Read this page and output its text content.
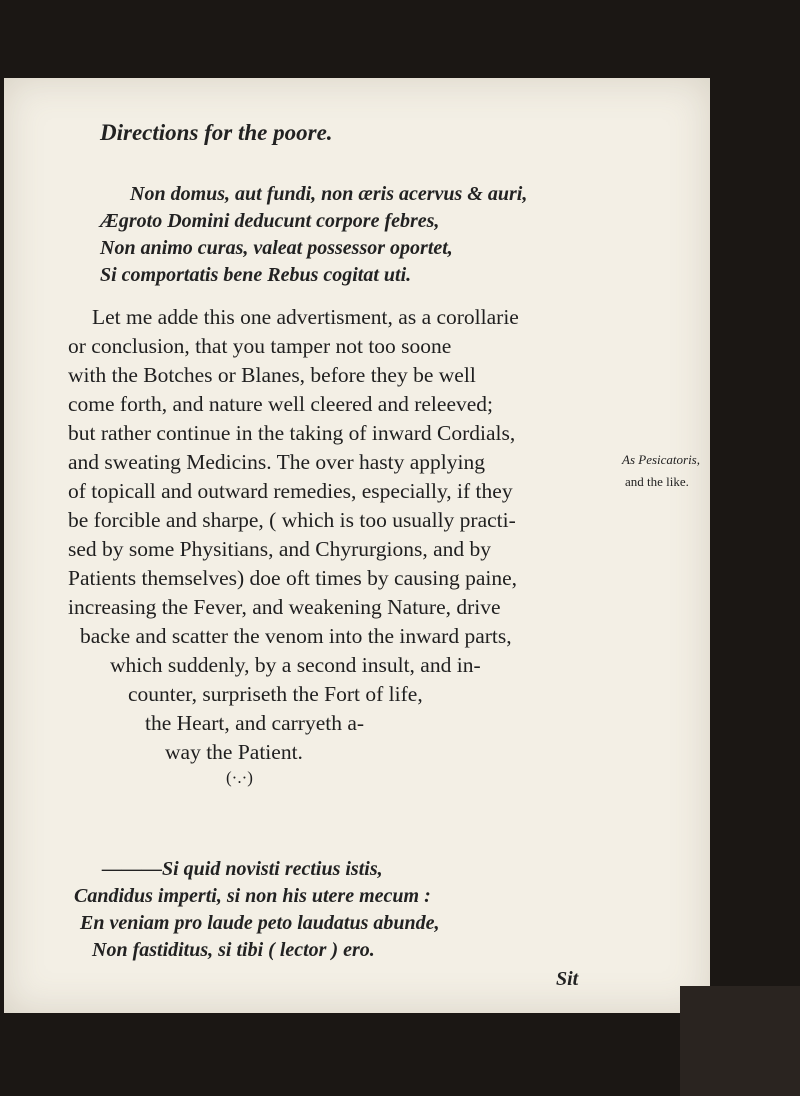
Directions for the poore.
Non domus, aut fundi, non æris acervus & auri,
Ægroto Domini deducunt corpore febres,
Non animo curas, valeat possessor oportet,
Si comportatis bene Rebus cogitat uti.
Let me adde this one advertisment, as a corollarie
or conclusion, that you tamper not too soone
with the Botches or Blanes, before they be well
come forth, and nature well cleered and releeved;
but rather continue in the taking of inward Cordials,
and sweating Medicins. The over hasty applying
of topicall and outward remedies, especially, if they
be forcible and sharpe, ( which is too usually practi-
sed by some Physitians, and Chyrurgions, and by
Patients themselves) doe oft times by causing paine,
increasing the Fever, and weakening Nature, drive
backe and scatter the venom into the inward parts,
which suddenly, by a second insult, and in-
counter, surpriseth the Fort of life,
the Heart, and carryeth a-
way the Patient.
(·.·)
As Pesicatoris,
and the like.
———Si quid novisti rectius istis,
Candidus imperti, si non his utere mecum :
En veniam pro laude peto laudatus abunde,
Non fastiditus, si tibi ( lector ) ero.
Sit
